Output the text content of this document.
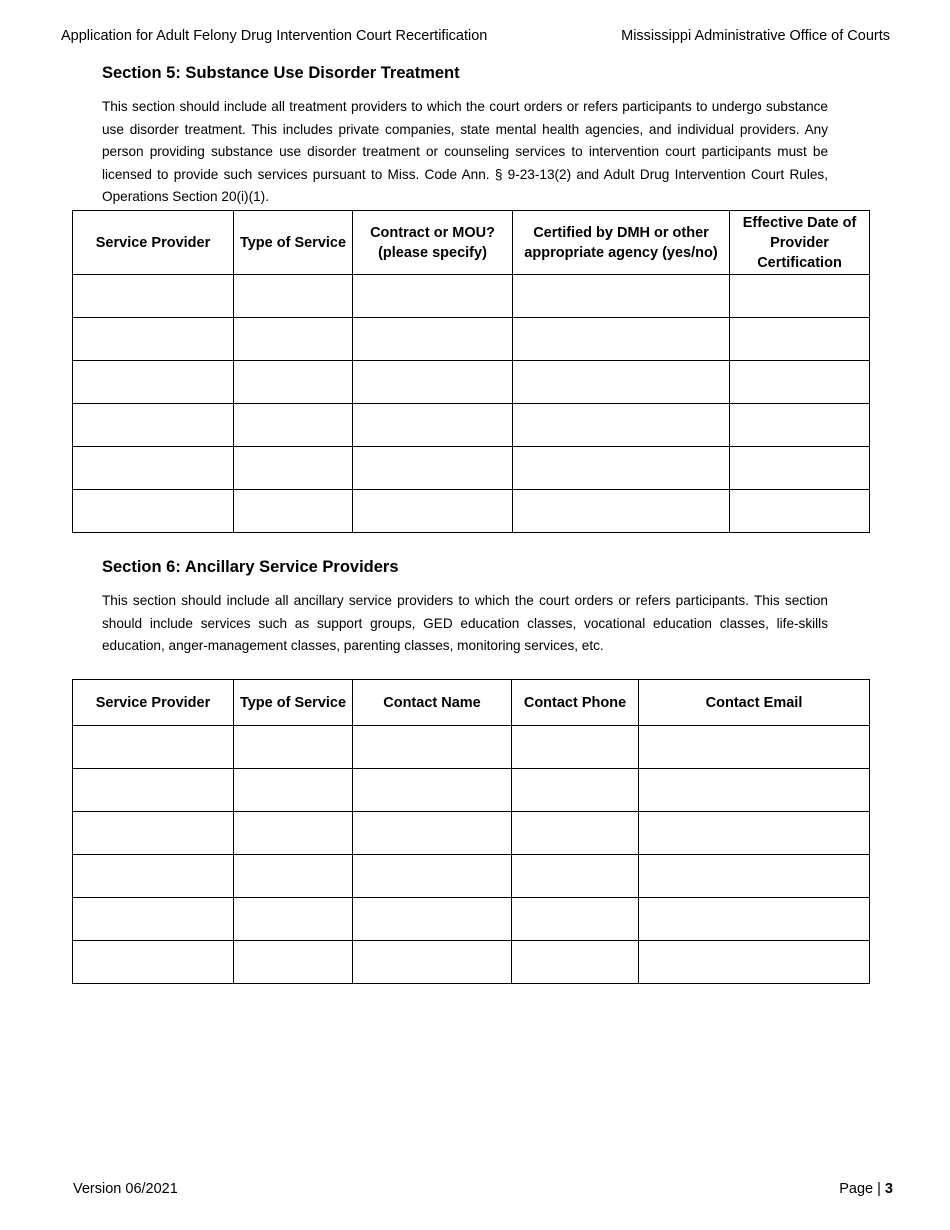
Application for Adult Felony Drug Intervention Court Recertification	Mississippi Administrative Office of Courts
Section 5: Substance Use Disorder Treatment

This section should include all treatment providers to which the court orders or refers participants to undergo substance use disorder treatment. This includes private companies, state mental health agencies, and individual providers. Any person providing substance use disorder treatment or counseling services to intervention court participants must be licensed to provide such services pursuant to Miss. Code Ann. § 9-23-13(2) and Adult Drug Intervention Court Rules, Operations Section 20(i)(1).

Service Provider	Type of Service	Contract or MOU? (please specify)	Certified by DMH or other appropriate agency (yes/no)	Effective Date of Provider Certification

Section 6: Ancillary Service Providers

This section should include all ancillary service providers to which the court orders or refers participants. This section should include services such as support groups, GED education classes, vocational education classes, life-skills education, anger-management classes, parenting classes, monitoring services, etc.

Service Provider	Type of Service	Contact Name	Contact Phone	Contact Email

Version 06/2021	Page | 3
